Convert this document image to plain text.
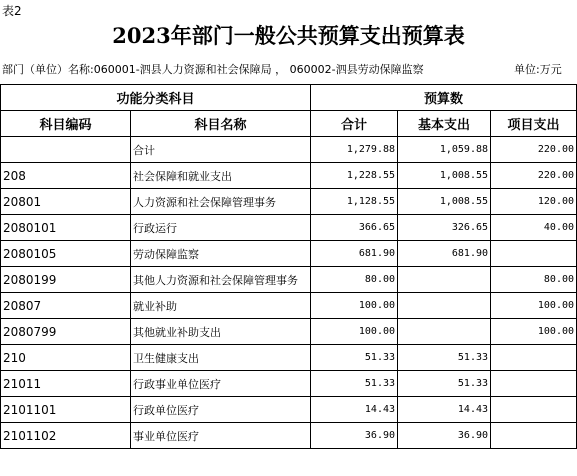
表2
2023年部门一般公共预算支出预算表
部门（单位）名称:060001-泗县人力资源和社会保障局 ， 060002-泗县劳动保障监察	单位:万元
功能分类科目		预算数		
科目编码	科目名称	合计	基本支出	项目支出
	合计	1,279.88	1,059.88	220.00
208	社会保障和就业支出	1,228.55	1,008.55	220.00
20801	人力资源和社会保障管理事务	1,128.55	1,008.55	120.00
2080101	行政运行	366.65	326.65	40.00
2080105	劳动保障监察	681.90	681.90	
2080199	其他人力资源和社会保障管理事务	80.00		80.00
20807	就业补助	100.00		100.00
2080799	其他就业补助支出	100.00		100.00
210	卫生健康支出	51.33	51.33	
21011	行政事业单位医疗	51.33	51.33	
2101101	行政单位医疗	14.43	14.43	
2101102	事业单位医疗	36.90	36.90	
